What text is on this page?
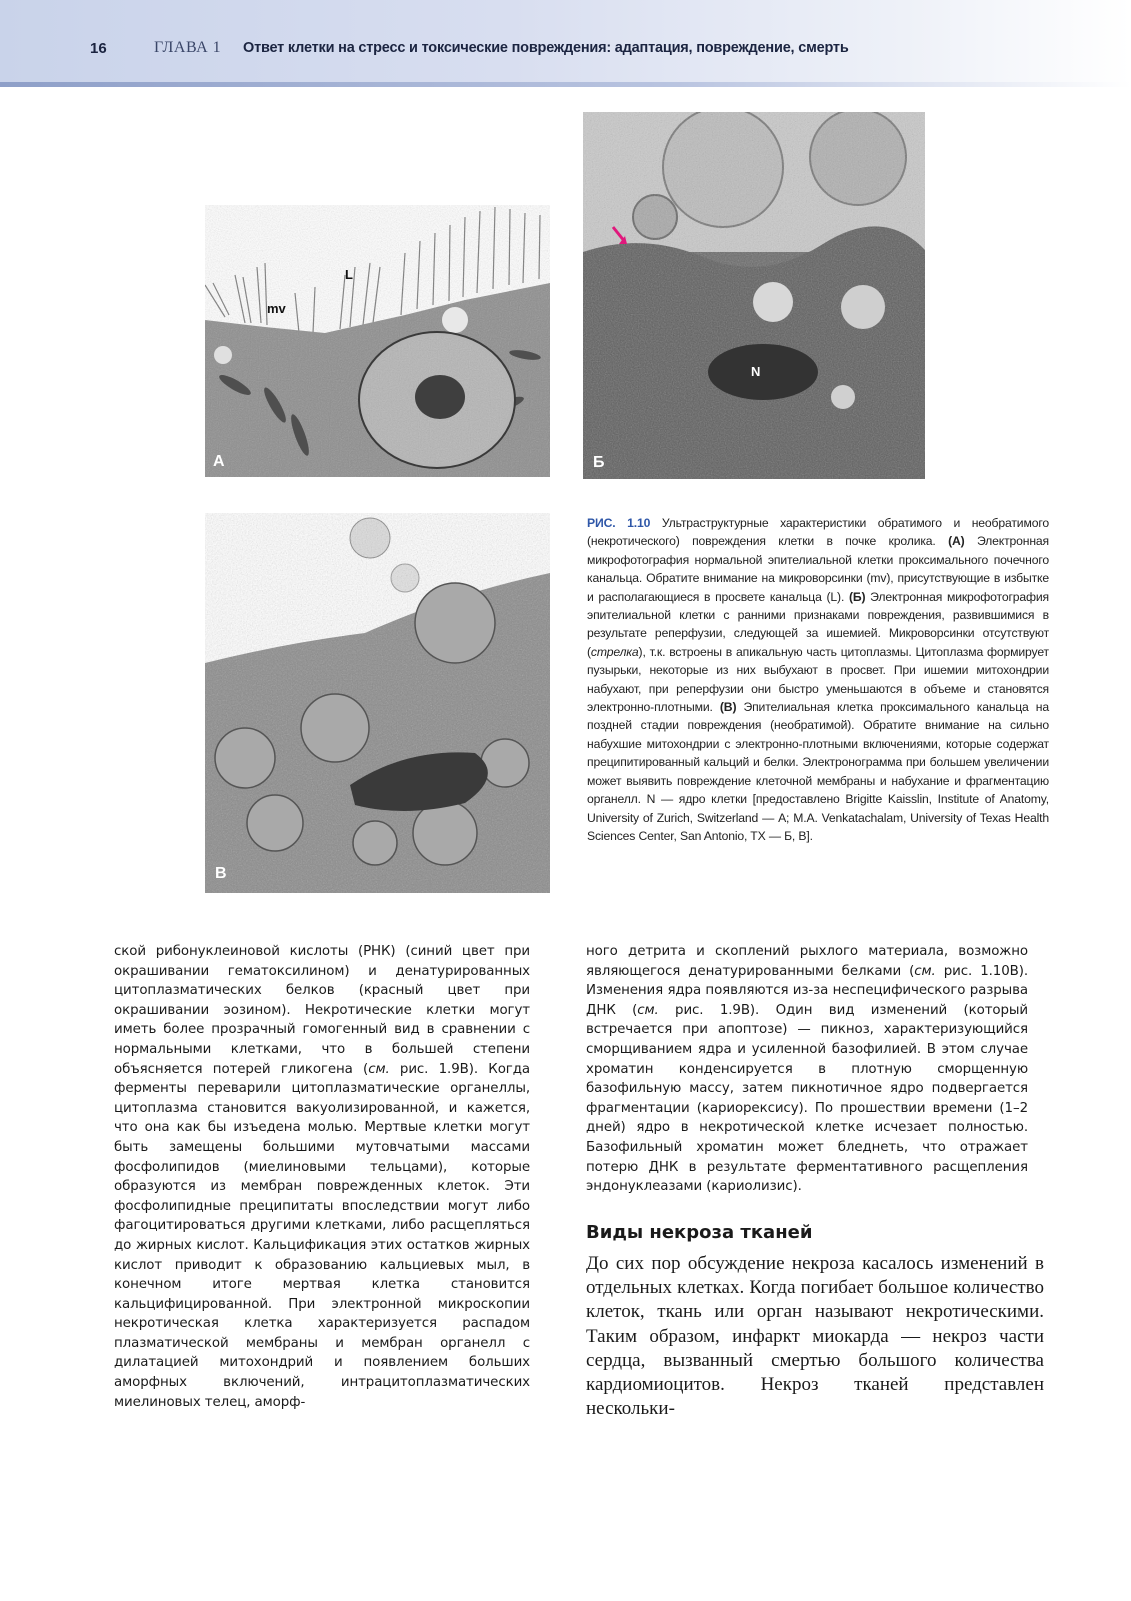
16	ГЛАВА 1 Ответ клетки на стресс и токсические повреждения: адаптация, повреждение, смерть
L
mv
А
N
Б
В
РИС. 1.10 Ультраструктурные характеристики обратимого и необратимого (некротического) повреждения клетки в почке кролика. (А) Электронная микрофотография нормальной эпителиальной клетки проксимального почечного канальца. Обратите внимание на микроворсинки (mv), присутствующие в избытке и располагающиеся в просвете канальца (L). (Б) Электронная микрофотография эпителиальной клетки с ранними признаками повреждения, развившимися в результате реперфузии, следующей за ишемией. Микроворсинки отсутствуют (стрелка), т.к. встроены в апикальную часть цитоплазмы. Цитоплазма формирует пузырьки, некоторые из них выбухают в просвет. При ишемии митохондрии набухают, при реперфузии они быстро уменьшаются в объеме и становятся электронно-плотными. (В) Эпителиальная клетка проксимального канальца на поздней стадии повреждения (необратимой). Обратите внимание на сильно набухшие митохондрии с электронно-плотными включениями, которые содержат преципитированный кальций и белки. Электронограмма при большем увеличении может выявить повреждение клеточной мембраны и набухание и фрагментацию органелл. N — ядро клетки [предоставлено Brigitte Kaisslin, Institute of Anatomy, University of Zurich, Switzerland — А; M.A. Venkatachalam, University of Texas Health Sciences Center, San Antonio, TX — Б, В].

ской рибонуклеиновой кислоты (РНК) (синий цвет при окрашивании гематоксилином) и денатурированных цитоплазматических белков (красный цвет при окрашивании эозином). Некротические клетки могут иметь более прозрачный гомогенный вид в сравнении с нормальными клетками, что в большей степени объясняется потерей гликогена (см. рис. 1.9В). Когда ферменты переварили цитоплазматические органеллы, цитоплазма становится вакуолизированной, и кажется, что она как бы изъедена молью. Мертвые клетки могут быть замещены большими мутовчатыми массами фосфолипидов (миелиновыми тельцами), которые образуются из мембран поврежденных клеток. Эти фосфолипидные преципитаты впоследствии могут либо фагоцитироваться другими клетками, либо расщепляться до жирных кислот. Кальцификация этих остатков жирных кислот приводит к образованию кальциевых мыл, в конечном итоге мертвая клетка становится кальцифицированной. При электронной микроскопии некротическая клетка характеризуется распадом плазматической мембраны и мембран органелл с дилатацией митохондрий и появлением больших аморфных включений, интрацитоплазматических миелиновых телец, аморф-

ного детрита и скоплений рыхлого материала, возможно являющегося денатурированными белками (см. рис. 1.10В). Изменения ядра появляются из-за неспецифического разрыва ДНК (см. рис. 1.9В). Один вид изменений (который встречается при апоптозе) — пикноз, характеризующийся сморщиванием ядра и усиленной базофилией. В этом случае хроматин конденсируется в плотную сморщенную базофильную массу, затем пикнотичное ядро подвергается фрагментации (кариорексису). По прошествии времени (1–2 дней) ядро в некротической клетке исчезает полностью. Базофильный хроматин может бледнеть, что отражает потерю ДНК в результате ферментативного расщепления эндонуклеазами (кариолизис).

Виды некроза тканей

До сих пор обсуждение некроза касалось изменений в отдельных клетках. Когда погибает большое количество клеток, ткань или орган называют некротическими. Таким образом, инфаркт миокарда — некроз части сердца, вызванный смертью большого количества кардиомиоцитов. Некроз тканей представлен нескольки-
